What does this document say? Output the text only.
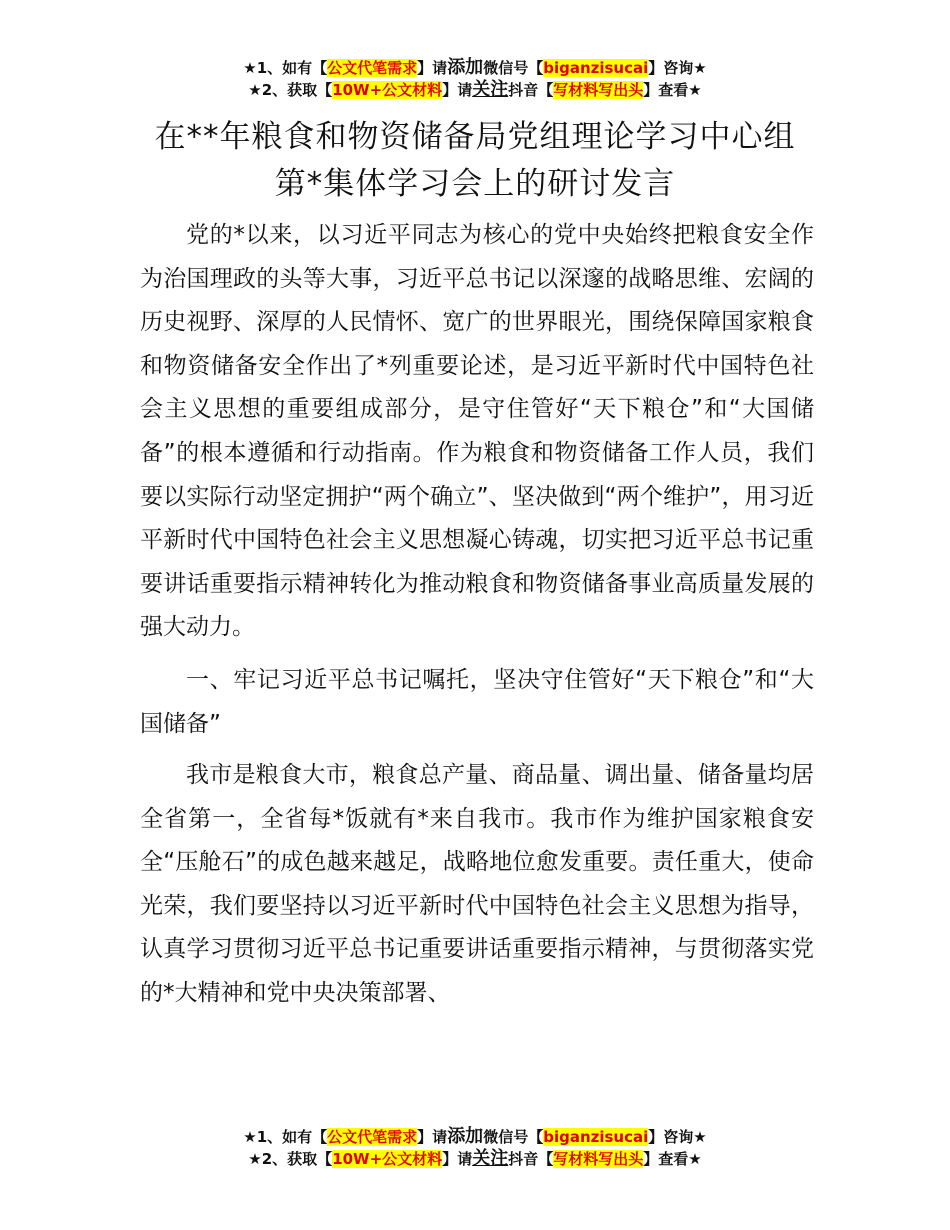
★1、如有【公文代笔需求】请添加微信号【biganzisucai】咨询★
★2、获取【10W+公文材料】请关注抖音【写材料写出头】查看★
在**年粮食和物资储备局党组理论学习中心组
第*集体学习会上的研讨发言

党的*以来，以习近平同志为核心的党中央始终把粮食安全作为治国理政的头等大事，习近平总书记以深邃的战略思维、宏阔的历史视野、深厚的人民情怀、宽广的世界眼光，围绕保障国家粮食和物资储备安全作出了*列重要论述，是习近平新时代中国特色社会主义思想的重要组成部分，是守住管好“天下粮仓”和“大国储备”的根本遵循和行动指南。作为粮食和物资储备工作人员，我们要以实际行动坚定拥护“两个确立”、坚决做到“两个维护”，用习近平新时代中国特色社会主义思想凝心铸魂，切实把习近平总书记重要讲话重要指示精神转化为推动粮食和物资储备事业高质量发展的强大动力。

一、牢记习近平总书记嘱托，坚决守住管好“天下粮仓”和“大国储备”

我市是粮食大市，粮食总产量、商品量、调出量、储备量均居全省第一，全省每*饭就有*来自我市。我市作为维护国家粮食安全“压舱石”的成色越来越足，战略地位愈发重要。责任重大，使命光荣，我们要坚持以习近平新时代中国特色社会主义思想为指导，认真学习贯彻习近平总书记重要讲话重要指示精神，与贯彻落实党的*大精神和党中央决策部署、

★1、如有【公文代笔需求】请添加微信号【biganzisucai】咨询★
★2、获取【10W+公文材料】请关注抖音【写材料写出头】查看★
